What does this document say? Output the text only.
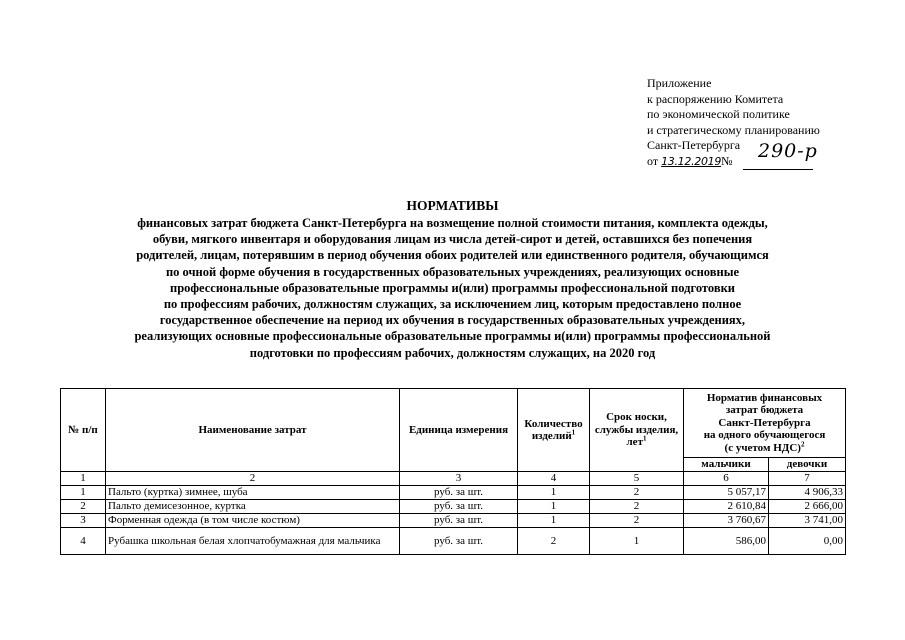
Приложение
к распоряжению Комитета
по экономической политике
и стратегическому планированию
Санкт-Петербурга
от 13.12.2019№ 290-р
НОРМАТИВЫ
финансовых затрат бюджета Санкт-Петербурга на возмещение полной стоимости питания, комплекта одежды,
обуви, мягкого инвентаря и оборудования лицам из числа детей-сирот и детей, оставшихся без попечения
родителей, лицам, потерявшим в период обучения обоих родителей или единственного родителя, обучающимся
по очной форме обучения в государственных образовательных учреждениях, реализующих основные
профессиональные образовательные программы и(или) программы профессиональной подготовки
по профессиям рабочих, должностям служащих, за исключением лиц, которым предоставлено полное
государственное обеспечение на период их обучения в государственных образовательных учреждениях,
реализующих основные профессиональные образовательные программы и(или) программы профессиональной
подготовки по профессиям рабочих, должностям служащих, на 2020 год
№ п/п	Наименование затрат	Единица измерения	Количество изделий$^1$	Срок носки, службы изделия, лет$^1$	Норматив финансовых
затрат бюджета
Санкт-Петербурга
на одного обучающегося
(с учетом НДС)$^2$

					мальчики	девочки
1	2	3	4	5	6	7
1	Пальто (куртка) зимнее, шуба	руб. за шт.	1	2	5 057,17	4 906,33
2	Пальто демисезонное, куртка	руб. за шт.	1	2	2 610,84	2 666,00
3	Форменная одежда (в том числе костюм)	руб. за шт.	1	2	3 760,67	3 741,00
4	Рубашка школьная белая хлопчатобумажная для мальчика	руб. за шт.	2	1	586,00	0,00
